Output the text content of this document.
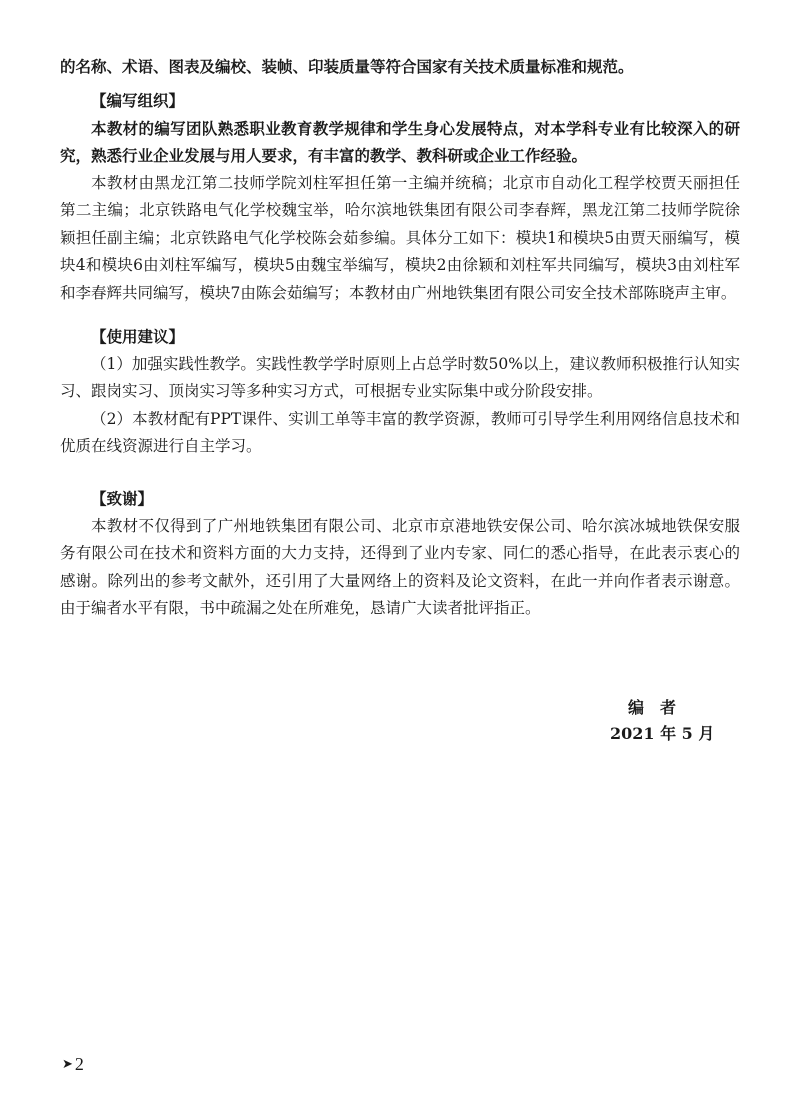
的名称、术语、图表及编校、装帧、印装质量等符合国家有关技术质量标准和规范。

【编写组织】

本教材的编写团队熟悉职业教育教学规律和学生身心发展特点，对本学科专业有比较深入的研究，熟悉行业企业发展与用人要求，有丰富的教学、教科研或企业工作经验。

本教材由黑龙江第二技师学院刘柱军担任第一主编并统稿；北京市自动化工程学校贾天丽担任第二主编；北京铁路电气化学校魏宝举，哈尔滨地铁集团有限公司李春辉，黑龙江第二技师学院徐颖担任副主编；北京铁路电气化学校陈会茹参编。具体分工如下：模块1和模块5由贾天丽编写，模块4和模块6由刘柱军编写，模块5由魏宝举编写，模块2由徐颖和刘柱军共同编写，模块3由刘柱军和李春辉共同编写，模块7由陈会茹编写；本教材由广州地铁集团有限公司安全技术部陈晓声主审。

【使用建议】

（1）加强实践性教学。实践性教学学时原则上占总学时数50%以上，建议教师积极推行认知实习、跟岗实习、顶岗实习等多种实习方式，可根据专业实际集中或分阶段安排。

（2）本教材配有PPT课件、实训工单等丰富的教学资源，教师可引导学生利用网络信息技术和优质在线资源进行自主学习。

【致谢】

本教材不仅得到了广州地铁集团有限公司、北京市京港地铁安保公司、哈尔滨冰城地铁保安服务有限公司在技术和资料方面的大力支持，还得到了业内专家、同仁的悉心指导，在此表示衷心的感谢。除列出的参考文献外，还引用了大量网络上的资料及论文资料，在此一并向作者表示谢意。由于编者水平有限，书中疏漏之处在所难免，恳请广大读者批评指正。

编　者
2021 年 5 月
➤ 2
